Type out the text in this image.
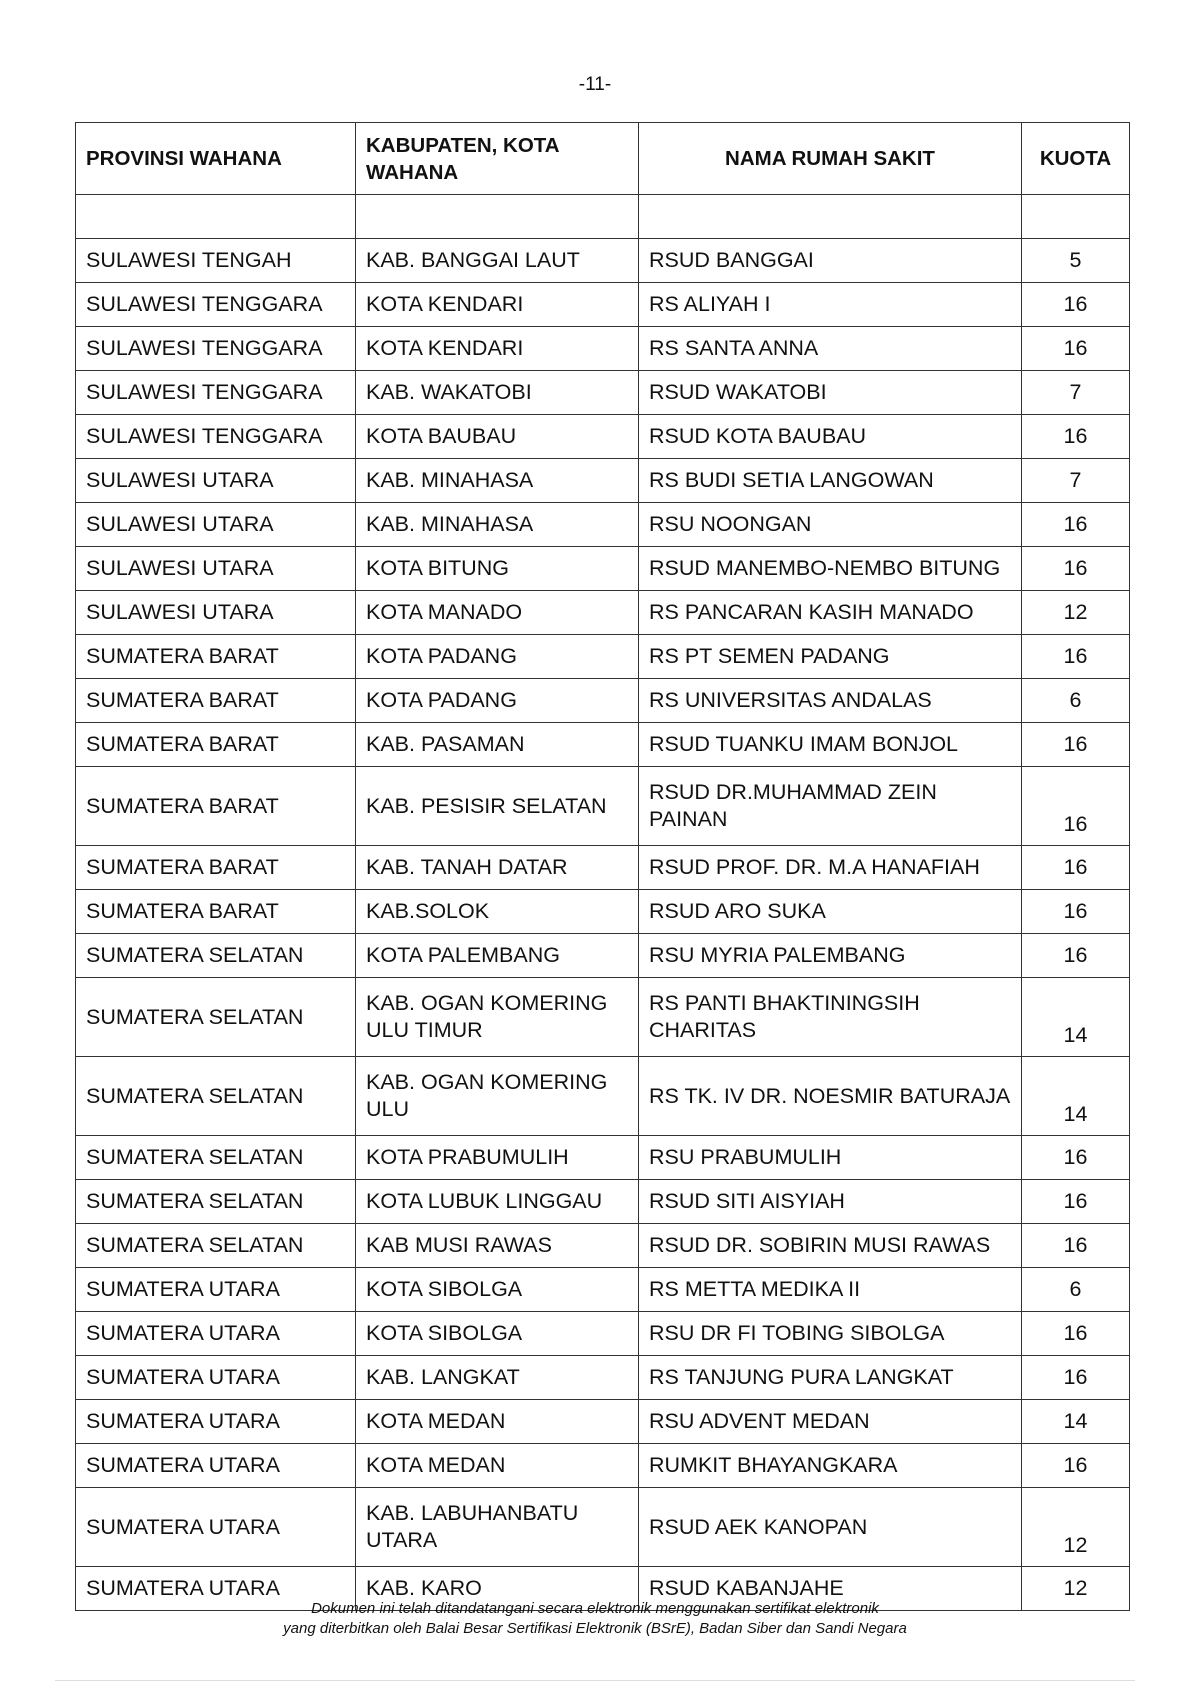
-11-
PROVINSI WAHANA	KABUPATEN, KOTA WAHANA	NAMA RUMAH SAKIT	KUOTA

SULAWESI TENGAH	KAB. BANGGAI LAUT	RSUD BANGGAI	5
SULAWESI TENGGARA	KOTA KENDARI	RS ALIYAH I	16
SULAWESI TENGGARA	KOTA KENDARI	RS SANTA ANNA	16
SULAWESI TENGGARA	KAB. WAKATOBI	RSUD WAKATOBI	7
SULAWESI TENGGARA	KOTA BAUBAU	RSUD KOTA BAUBAU	16
SULAWESI UTARA	KAB. MINAHASA	RS BUDI SETIA LANGOWAN	7
SULAWESI UTARA	KAB. MINAHASA	RSU NOONGAN	16
SULAWESI UTARA	KOTA BITUNG	RSUD MANEMBO-NEMBO BITUNG	16
SULAWESI UTARA	KOTA MANADO	RS PANCARAN KASIH MANADO	12
SUMATERA BARAT	KOTA PADANG	RS PT SEMEN PADANG	16
SUMATERA BARAT	KOTA PADANG	RS UNIVERSITAS ANDALAS	6
SUMATERA BARAT	KAB. PASAMAN	RSUD TUANKU IMAM BONJOL	16
SUMATERA BARAT	KAB. PESISIR SELATAN	RSUD DR.MUHAMMAD ZEIN PAINAN	16
SUMATERA BARAT	KAB. TANAH DATAR	RSUD PROF. DR. M.A HANAFIAH	16
SUMATERA BARAT	KAB.SOLOK	RSUD ARO SUKA	16
SUMATERA SELATAN	KOTA PALEMBANG	RSU MYRIA PALEMBANG	16
SUMATERA SELATAN	KAB. OGAN KOMERING ULU TIMUR	RS PANTI BHAKTININGSIH CHARITAS	14
SUMATERA SELATAN	KAB. OGAN KOMERING ULU	RS TK. IV DR. NOESMIR BATURAJA	14
SUMATERA SELATAN	KOTA PRABUMULIH	RSU PRABUMULIH	16
SUMATERA SELATAN	KOTA LUBUK LINGGAU	RSUD SITI AISYIAH	16
SUMATERA SELATAN	KAB MUSI RAWAS	RSUD DR. SOBIRIN MUSI RAWAS	16
SUMATERA UTARA	KOTA SIBOLGA	RS METTA MEDIKA II	6
SUMATERA UTARA	KOTA SIBOLGA	RSU DR FI TOBING SIBOLGA	16
SUMATERA UTARA	KAB. LANGKAT	RS TANJUNG PURA LANGKAT	16
SUMATERA UTARA	KOTA MEDAN	RSU ADVENT MEDAN	14
SUMATERA UTARA	KOTA MEDAN	RUMKIT BHAYANGKARA	16
SUMATERA UTARA	KAB. LABUHANBATU UTARA	RSUD AEK KANOPAN	12
SUMATERA UTARA	KAB. KARO	RSUD KABANJAHE	12
Dokumen ini telah ditandatangani secara elektronik menggunakan sertifikat elektronik
yang diterbitkan oleh Balai Besar Sertifikasi Elektronik (BSrE), Badan Siber dan Sandi Negara
